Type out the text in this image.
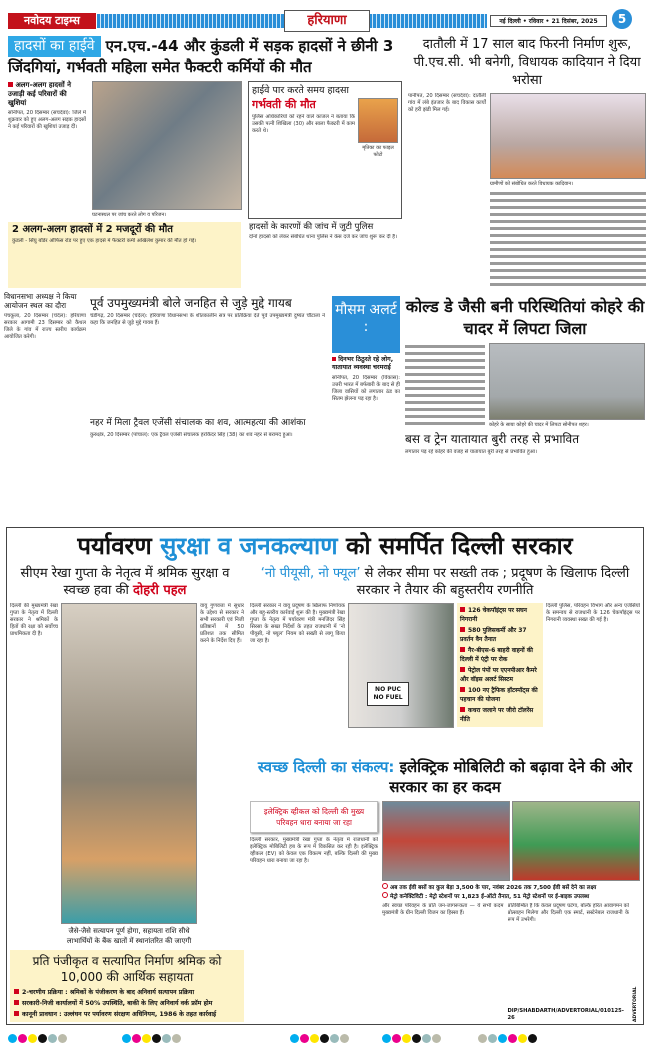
नवोदय टाइम्स	हरियाणा	नई दिल्ली • रविवार • 21 दिसंबर, 2025	5
हादसों का हाईवे एन.एच.-44 और कुंडली में सड़क हादसों ने छीनी 3 जिंदगियां, गर्भवती महिला समेत फैक्टरी कर्मियों की मौत
अलग-अलग हादसों ने उजाड़ी कई परिवारों की खुशियां
सोनीपत, 20 दिसम्बर (सचदेवा): जिले में शुक्रवार को हुए अलग-अलग सड़क हादसों ने कई परिवारों की खुशियां उजाड़ दीं।
घटनास्थल पर जांच करते लोग व परिजन।
हाईवे पार करते समय हादसा
गर्भवती की मौत
पुलिस अधिकारियों को रहने वाले काजल ने बताया कि उसकी पत्नी शिखिला (30) और साला फैक्टरी में काम करते थे।
मृतिका का फाइल फोटो
2 अलग-अलग हादसों में 2 मजदूरों की मौत
कुंडली - सिंघु बॉर्डर ऑफिस रोड पर हुए एक हादसे में फैक्टरी कर्मी अखिलेश कुमार की मौत हो गई।
हादसों के कारणों की जांच में जुटी पुलिस
दोनों हादसों को लेकर संबंधित थाना पुलिस ने केस दर्ज कर जांच शुरू कर दी है।
दातौली में 17 साल बाद फिरनी निर्माण शुरू, पी.एच.सी. भी बनेगी, विधायक कादियान ने दिया भरोसा
पानीपत, 20 दिसम्बर (सचदेवा): दातौली गांव में लंबे इंतजार के बाद विकास कार्यों को हरी झंडी मिल गई।
ग्रामीणों को संबोधित करते विधायक कादियान।
विधानसभा अध्यक्ष ने किया आयोजन स्थल का दौरा
पंचकूला, 20 दिसम्बर (चंदेल): हरियाणा सरकार आगामी 23 दिसम्बर को कैथल जिले के गांव में राज्य स्तरीय कार्यक्रम आयोजित करेगी।
पूर्व उपमुख्यमंत्री बोले जनहित से जुड़े मुद्दे गायब
चंडीगढ़, 20 दिसम्बर (चंदेल): हरियाणा विधानसभा के शीतकालीन सत्र पर प्रतिक्रिया देते पूर्व उपमुख्यमंत्री दुष्यंत चौटाला ने कहा कि जनहित से जुड़े मुद्दे गायब हैं।
नहर में मिला ट्रैवल एजेंसी संचालक का शव, आत्महत्या की आशंका
कुरुक्षेत्र, 20 दिसम्बर (पांचाल): एक ट्रैवल एजेंसी संचालक हरकिंदर सिंह (38) का शव नहर से बरामद हुआ।
मौसम अलर्ट :
दिनभर ठिठुरते रहे लोग, यातायात व्यवस्था चरमराई
सोनीपत, 20 दिसम्बर (विकास): उत्तरी भारत में बर्फबारी के बाद से ही जिला वासियों को लगातार ठंड का सितम झेलना पड़ रहा है।
कोल्ड डे जैसी बनी परिस्थितियां कोहरे की चादर में लिपटा जिला
कोहरे के साया कोहरे की चादर में लिपटा सोनीपत शहर।
बस व ट्रेन यातायात बुरी तरह से प्रभावित
लगातार पड़ रहे कोहरे की वजह से यातायात बुरी तरह से प्रभावित हुआ।
पर्यावरण सुरक्षा व जनकल्याण को समर्पित दिल्ली सरकार
सीएम रेखा गुप्ता के नेतृत्व में श्रमिक सुरक्षा व स्वच्छ हवा की दोहरी पहल
‘नो पीयूसी, नो फ्यूल’ से लेकर सीमा पर सख्ती तक ; प्रदूषण के खिलाफ दिल्ली सरकार ने तैयार की बहुस्तरीय रणनीति
दिल्ली की मुख्यमंत्री रेखा गुप्ता के नेतृत्व में दिल्ली सरकार ने श्रमिकों के हितों की रक्षा को सर्वोच्च प्राथमिकता दी है।
जैसे-जैसे सत्यापन पूर्ण होगा, सहायता राशि सीधे लाभार्थियों के बैंक खातों में स्थानांतरित की जाएगी
वायु गुणवत्ता में सुधार के उद्देश्य से सरकार ने सभी सरकारी एवं निजी प्रतिष्ठानों में 50 प्रतिशत तक सीमित करने के निर्देश दिए हैं।
प्रति पंजीकृत व सत्यापित निर्माण श्रमिक को 10,000 की आर्थिक सहायता
2-चरणीय प्रक्रिया : श्रमिकों के पंजीकरण के बाद अनिवार्य सत्यापन प्रक्रिया
सरकारी-निजी कार्यालयों में 50% उपस्थिति, बाकी के लिए अनिवार्य वर्क फ्रॉम होम
कानूनी प्रावधान : उल्लंघन पर पर्यावरण संरक्षण अधिनियम, 1986 के तहत कार्रवाई
दिल्ली सरकार ने वायु प्रदूषण के खिलाफ निर्णायक और बहु-स्तरीय कार्रवाई शुरू की है। मुख्यमंत्री रेखा गुप्ता के नेतृत्व में पर्यावरण मंत्री मनजिंदर सिंह सिरसा के सख्त निर्देशों के तहत राजधानी में ‘नो पीयूसी, नो फ्यूल’ नियम को सख्ती से लागू किया जा रहा है।
NO PUC NO FUEL
126 चेकपॉइंट्स पर सघन निगरानी
580 पुलिसकर्मी और 37 प्रवर्तन वैन तैनात
गैर-बीएस-6 बाहरी वाहनों की दिल्ली में एंट्री पर रोक
पेट्रोल पंपों पर एएनपीआर कैमरे और वॉइस अलर्ट सिस्टम
100 नए ट्रैफिक हॉटस्पॉट्स की पहचान की योजना
कचरा जलाने पर जीरो टॉलरेंस नीति
दिल्ली पुलिस, परिवहन विभाग और अन्य एजेंसियों के समन्वय से राजधानी के 126 चेकपॉइंट्स पर निगरानी व्यवस्था सख्त की गई है।
स्वच्छ दिल्ली का संकल्प: इलेक्ट्रिक मोबिलिटी को बढ़ावा देने की ओर सरकार का हर कदम
इलेक्ट्रिक व्हीकल को दिल्ली की मुख्य परिवहन धारा बनाया जा रहा
दिल्ली सरकार, मुख्यमंत्री रेखा गुप्ता के नेतृत्व में राजधानी को इलेक्ट्रिक मोबिलिटी हब के रूप में विकसित कर रही है। इलेक्ट्रिक व्हीकल (EV) को केवल एक विकल्प नहीं, बल्कि दिल्ली की मुख्य परिवहन धारा बनाया जा रहा है।
अब तक ईवी बसों का कुल बेड़ा 3,500 के पार, नवंबर 2026 तक 7,500 ईवी बसें देने का लक्ष्य
मेट्रो कनेक्टिविटी : मेट्रो स्टेशनों पर 1,823 ई-ऑटो तैनात, 51 मेट्रो स्टेशनों पर ई-बाइक उपलब्ध
और स्वच्छ परिवहन के प्रति जन-जागरूकता — ये सभी कदम मुख्यमंत्री के ग्रीन दिल्ली विजन का हिस्सा हैं।
प्रतिबिम्बित है कि केवल प्रदूषण घटेगा, बल्कि हरित आवागमन को प्रोत्साहन मिलेगा और दिल्ली एक स्मार्ट, सस्टेनेबल राजधानी के रूप में उभरेगी।
DIP/SHABDARTH/ADVERTORIAL/010125-26	ADVERTORIAL
